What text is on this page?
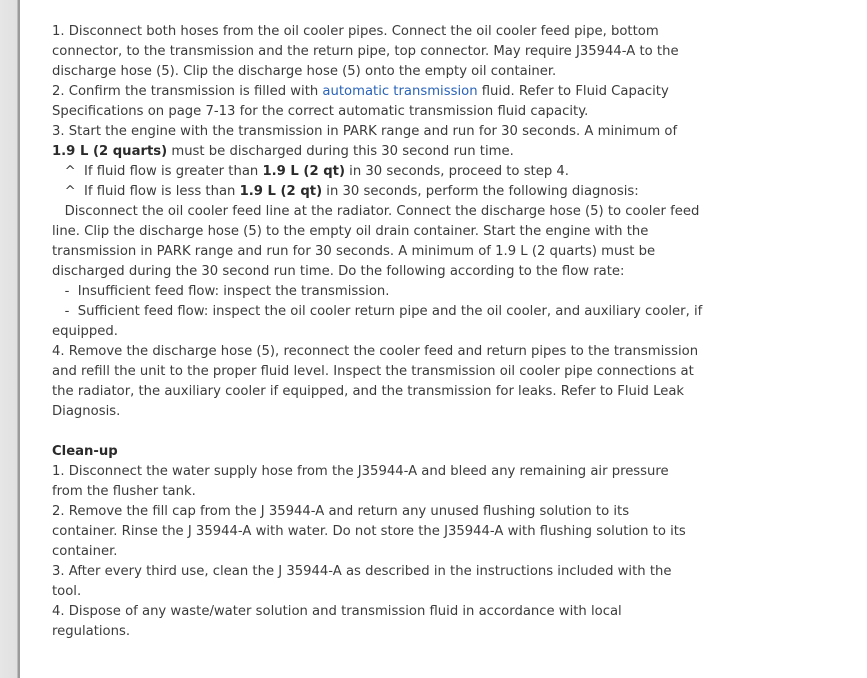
1. Disconnect both hoses from the oil cooler pipes. Connect the oil cooler feed pipe, bottom
connector, to the transmission and the return pipe, top connector. May require J35944-A to the
discharge hose (5). Clip the discharge hose (5) onto the empty oil container.
2. Confirm the transmission is filled with automatic transmission fluid. Refer to Fluid Capacity
Specifications on page 7-13 for the correct automatic transmission fluid capacity.
3. Start the engine with the transmission in PARK range and run for 30 seconds. A minimum of
1.9 L (2 quarts) must be discharged during this 30 second run time.
^  If fluid flow is greater than 1.9 L (2 qt) in 30 seconds, proceed to step 4.
^  If fluid flow is less than 1.9 L (2 qt) in 30 seconds, perform the following diagnosis:
Disconnect the oil cooler feed line at the radiator. Connect the discharge hose (5) to cooler feed
line. Clip the discharge hose (5) to the empty oil drain container. Start the engine with the
transmission in PARK range and run for 30 seconds. A minimum of 1.9 L (2 quarts) must be
discharged during the 30 second run time. Do the following according to the flow rate:
-  Insufficient feed flow: inspect the transmission.
-  Sufficient feed flow: inspect the oil cooler return pipe and the oil cooler, and auxiliary cooler, if
equipped.
4. Remove the discharge hose (5), reconnect the cooler feed and return pipes to the transmission
and refill the unit to the proper fluid level. Inspect the transmission oil cooler pipe connections at
the radiator, the auxiliary cooler if equipped, and the transmission for leaks. Refer to Fluid Leak
Diagnosis.
Clean-up
1. Disconnect the water supply hose from the J35944-A and bleed any remaining air pressure
from the flusher tank.
2. Remove the fill cap from the J 35944-A and return any unused flushing solution to its
container. Rinse the J 35944-A with water. Do not store the J35944-A with flushing solution to its
container.
3. After every third use, clean the J 35944-A as described in the instructions included with the
tool.
4. Dispose of any waste/water solution and transmission fluid in accordance with local
regulations.
